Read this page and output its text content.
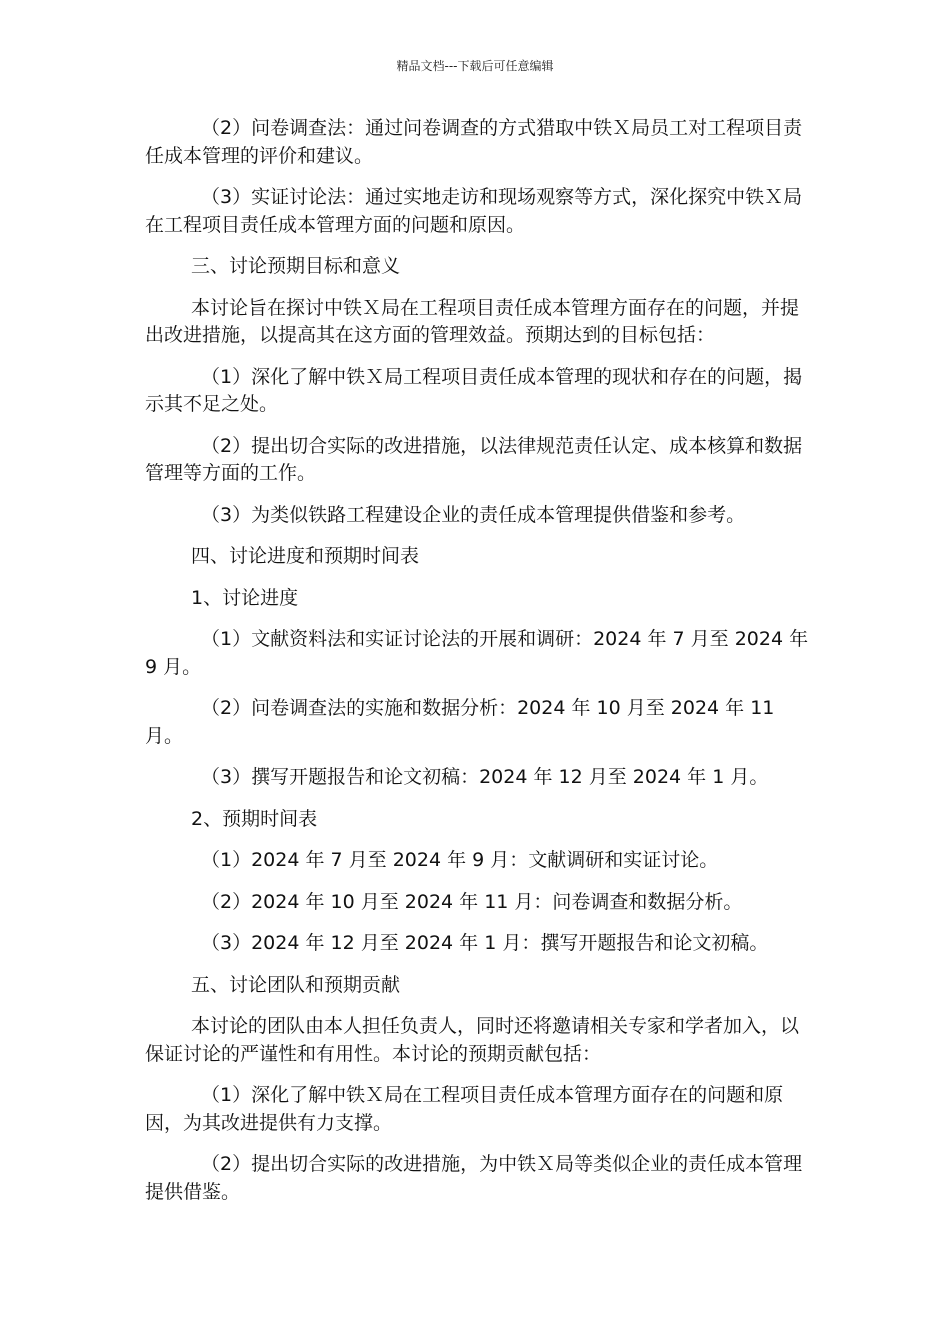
精品文档---下载后可任意编辑

（2）问卷调查法：通过问卷调查的方式猎取中铁Ｘ局员工对工程项目责任成本管理的评价和建议。

（3）实证讨论法：通过实地走访和现场观察等方式，深化探究中铁Ｘ局在工程项目责任成本管理方面的问题和原因。

三、讨论预期目标和意义

本讨论旨在探讨中铁Ｘ局在工程项目责任成本管理方面存在的问题，并提出改进措施，以提高其在这方面的管理效益。预期达到的目标包括：

（1）深化了解中铁Ｘ局工程项目责任成本管理的现状和存在的问题，揭示其不足之处。

（2）提出切合实际的改进措施，以法律规范责任认定、成本核算和数据管理等方面的工作。

（3）为类似铁路工程建设企业的责任成本管理提供借鉴和参考。

四、讨论进度和预期时间表

1、讨论进度

（1）文献资料法和实证讨论法的开展和调研：2024 年 7 月至 2024 年 9 月。

（2）问卷调查法的实施和数据分析：2024 年 10 月至 2024 年 11 月。

（3）撰写开题报告和论文初稿：2024 年 12 月至 2024 年 1 月。

2、预期时间表

（1）2024 年 7 月至 2024 年 9 月：文献调研和实证讨论。

（2）2024 年 10 月至 2024 年 11 月：问卷调查和数据分析。

（3）2024 年 12 月至 2024 年 1 月：撰写开题报告和论文初稿。

五、讨论团队和预期贡献

本讨论的团队由本人担任负责人，同时还将邀请相关专家和学者加入，以保证讨论的严谨性和有用性。本讨论的预期贡献包括：

（1）深化了解中铁Ｘ局在工程项目责任成本管理方面存在的问题和原因，为其改进提供有力支撑。

（2）提出切合实际的改进措施，为中铁Ｘ局等类似企业的责任成本管理提供借鉴。
